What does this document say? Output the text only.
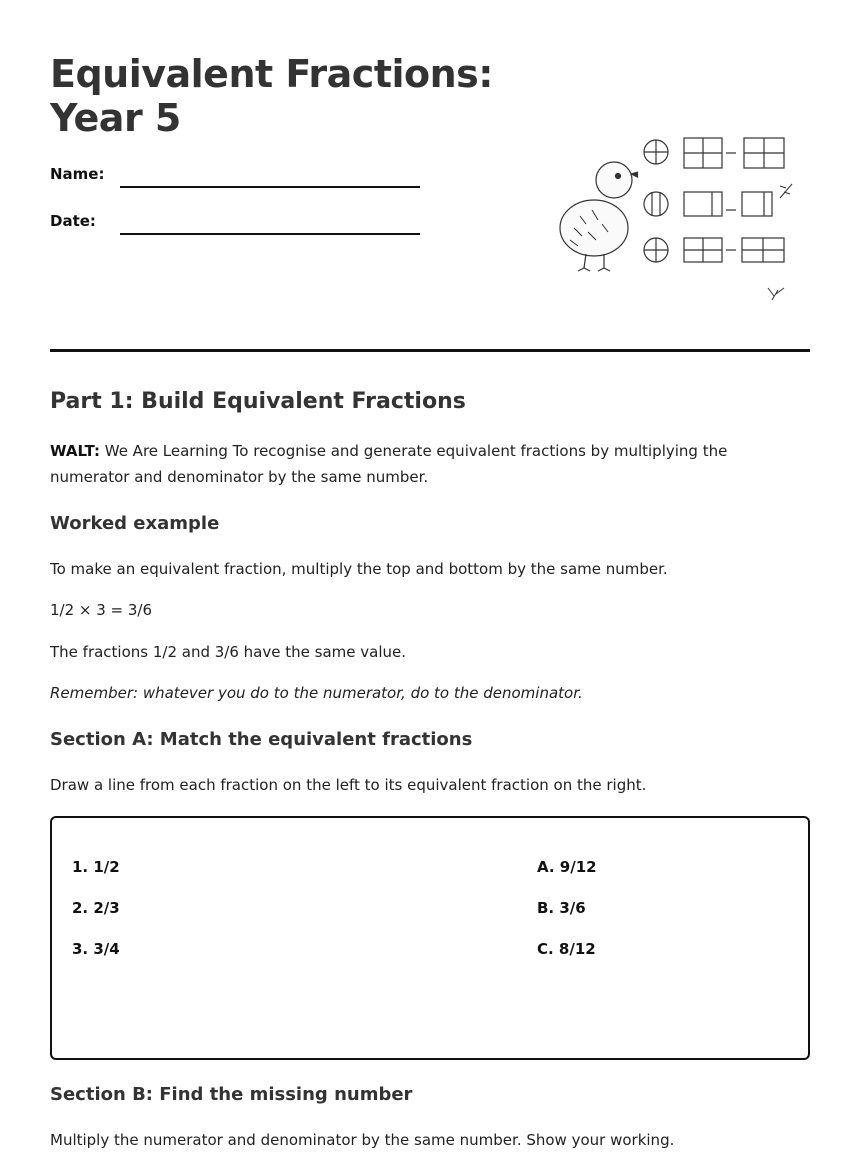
Equivalent Fractions:
Year 5
Name:
Date:
Part 1: Build Equivalent Fractions

WALT: We Are Learning To recognise and generate equivalent fractions by multiplying the numerator and denominator by the same number.

Worked example

To make an equivalent fraction, multiply the top and bottom by the same number.

1/2 × 3 = 3/6

The fractions 1/2 and 3/6 have the same value.

Remember: whatever you do to the numerator, do to the denominator.

Section A: Match the equivalent fractions

Draw a line from each fraction on the left to its equivalent fraction on the right.

1. 1/2
2. 2/3
3. 3/4
A. 9/12
B. 3/6
C. 8/12
Section B: Find the missing number

Multiply the numerator and denominator by the same number. Show your working.
